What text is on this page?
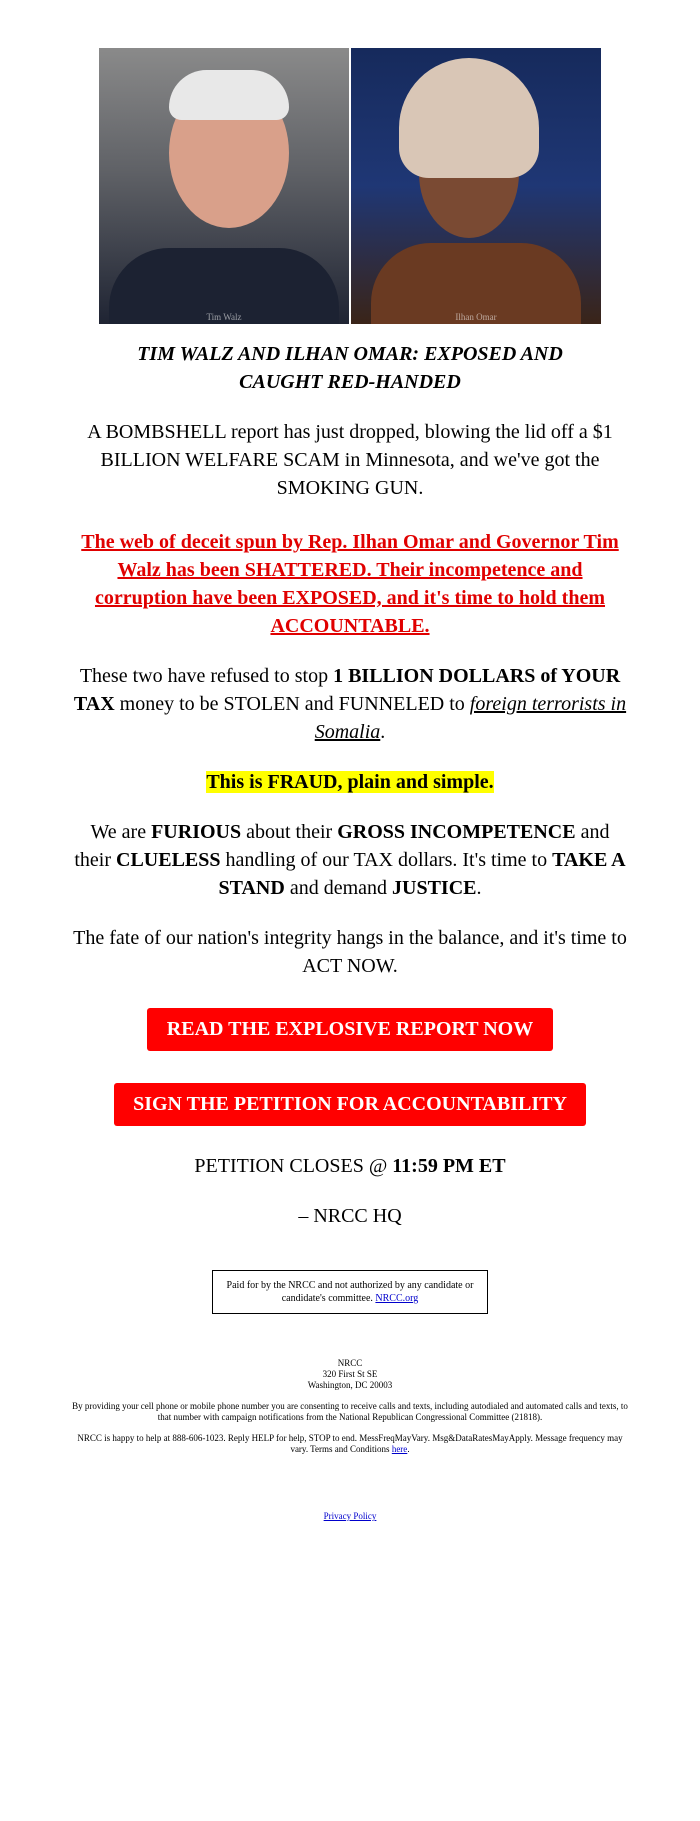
Tim Walz	Ilhan Omar
TIM WALZ AND ILHAN OMAR: EXPOSED AND CAUGHT RED-HANDED

A BOMBSHELL report has just dropped, blowing the lid off a $1 BILLION WELFARE SCAM in Minnesota, and we've got the SMOKING GUN.

The web of deceit spun by Rep. Ilhan Omar and Governor Tim Walz has been SHATTERED. Their incompetence and corruption have been EXPOSED, and it's time to hold them ACCOUNTABLE.

These two have refused to stop 1 BILLION DOLLARS of YOUR TAX money to be STOLEN and FUNNELED to foreign terrorists in Somalia.

This is FRAUD, plain and simple.

We are FURIOUS about their GROSS INCOMPETENCE and their CLUELESS handling of our TAX dollars. It's time to TAKE A STAND and demand JUSTICE.

The fate of our nation's integrity hangs in the balance, and it's time to ACT NOW.

READ THE EXPLOSIVE REPORT NOW
SIGN THE PETITION FOR ACCOUNTABILITY

PETITION CLOSES @ 11:59 PM ET

– NRCC HQ

Paid for by the NRCC and not authorized by any candidate or candidate's committee. NRCC.org

NRCC
320 First St SE
Washington, DC 20003

By providing your cell phone or mobile phone number you are consenting to receive calls and texts, including autodialed and automated calls and texts, to that number with campaign notifications from the National Republican Congressional Committee (21818).

NRCC is happy to help at 888-606-1023. Reply HELP for help, STOP to end. MessFreqMayVary. Msg&DataRatesMayApply. Message frequency may vary. Terms and Conditions here.

Privacy Policy
